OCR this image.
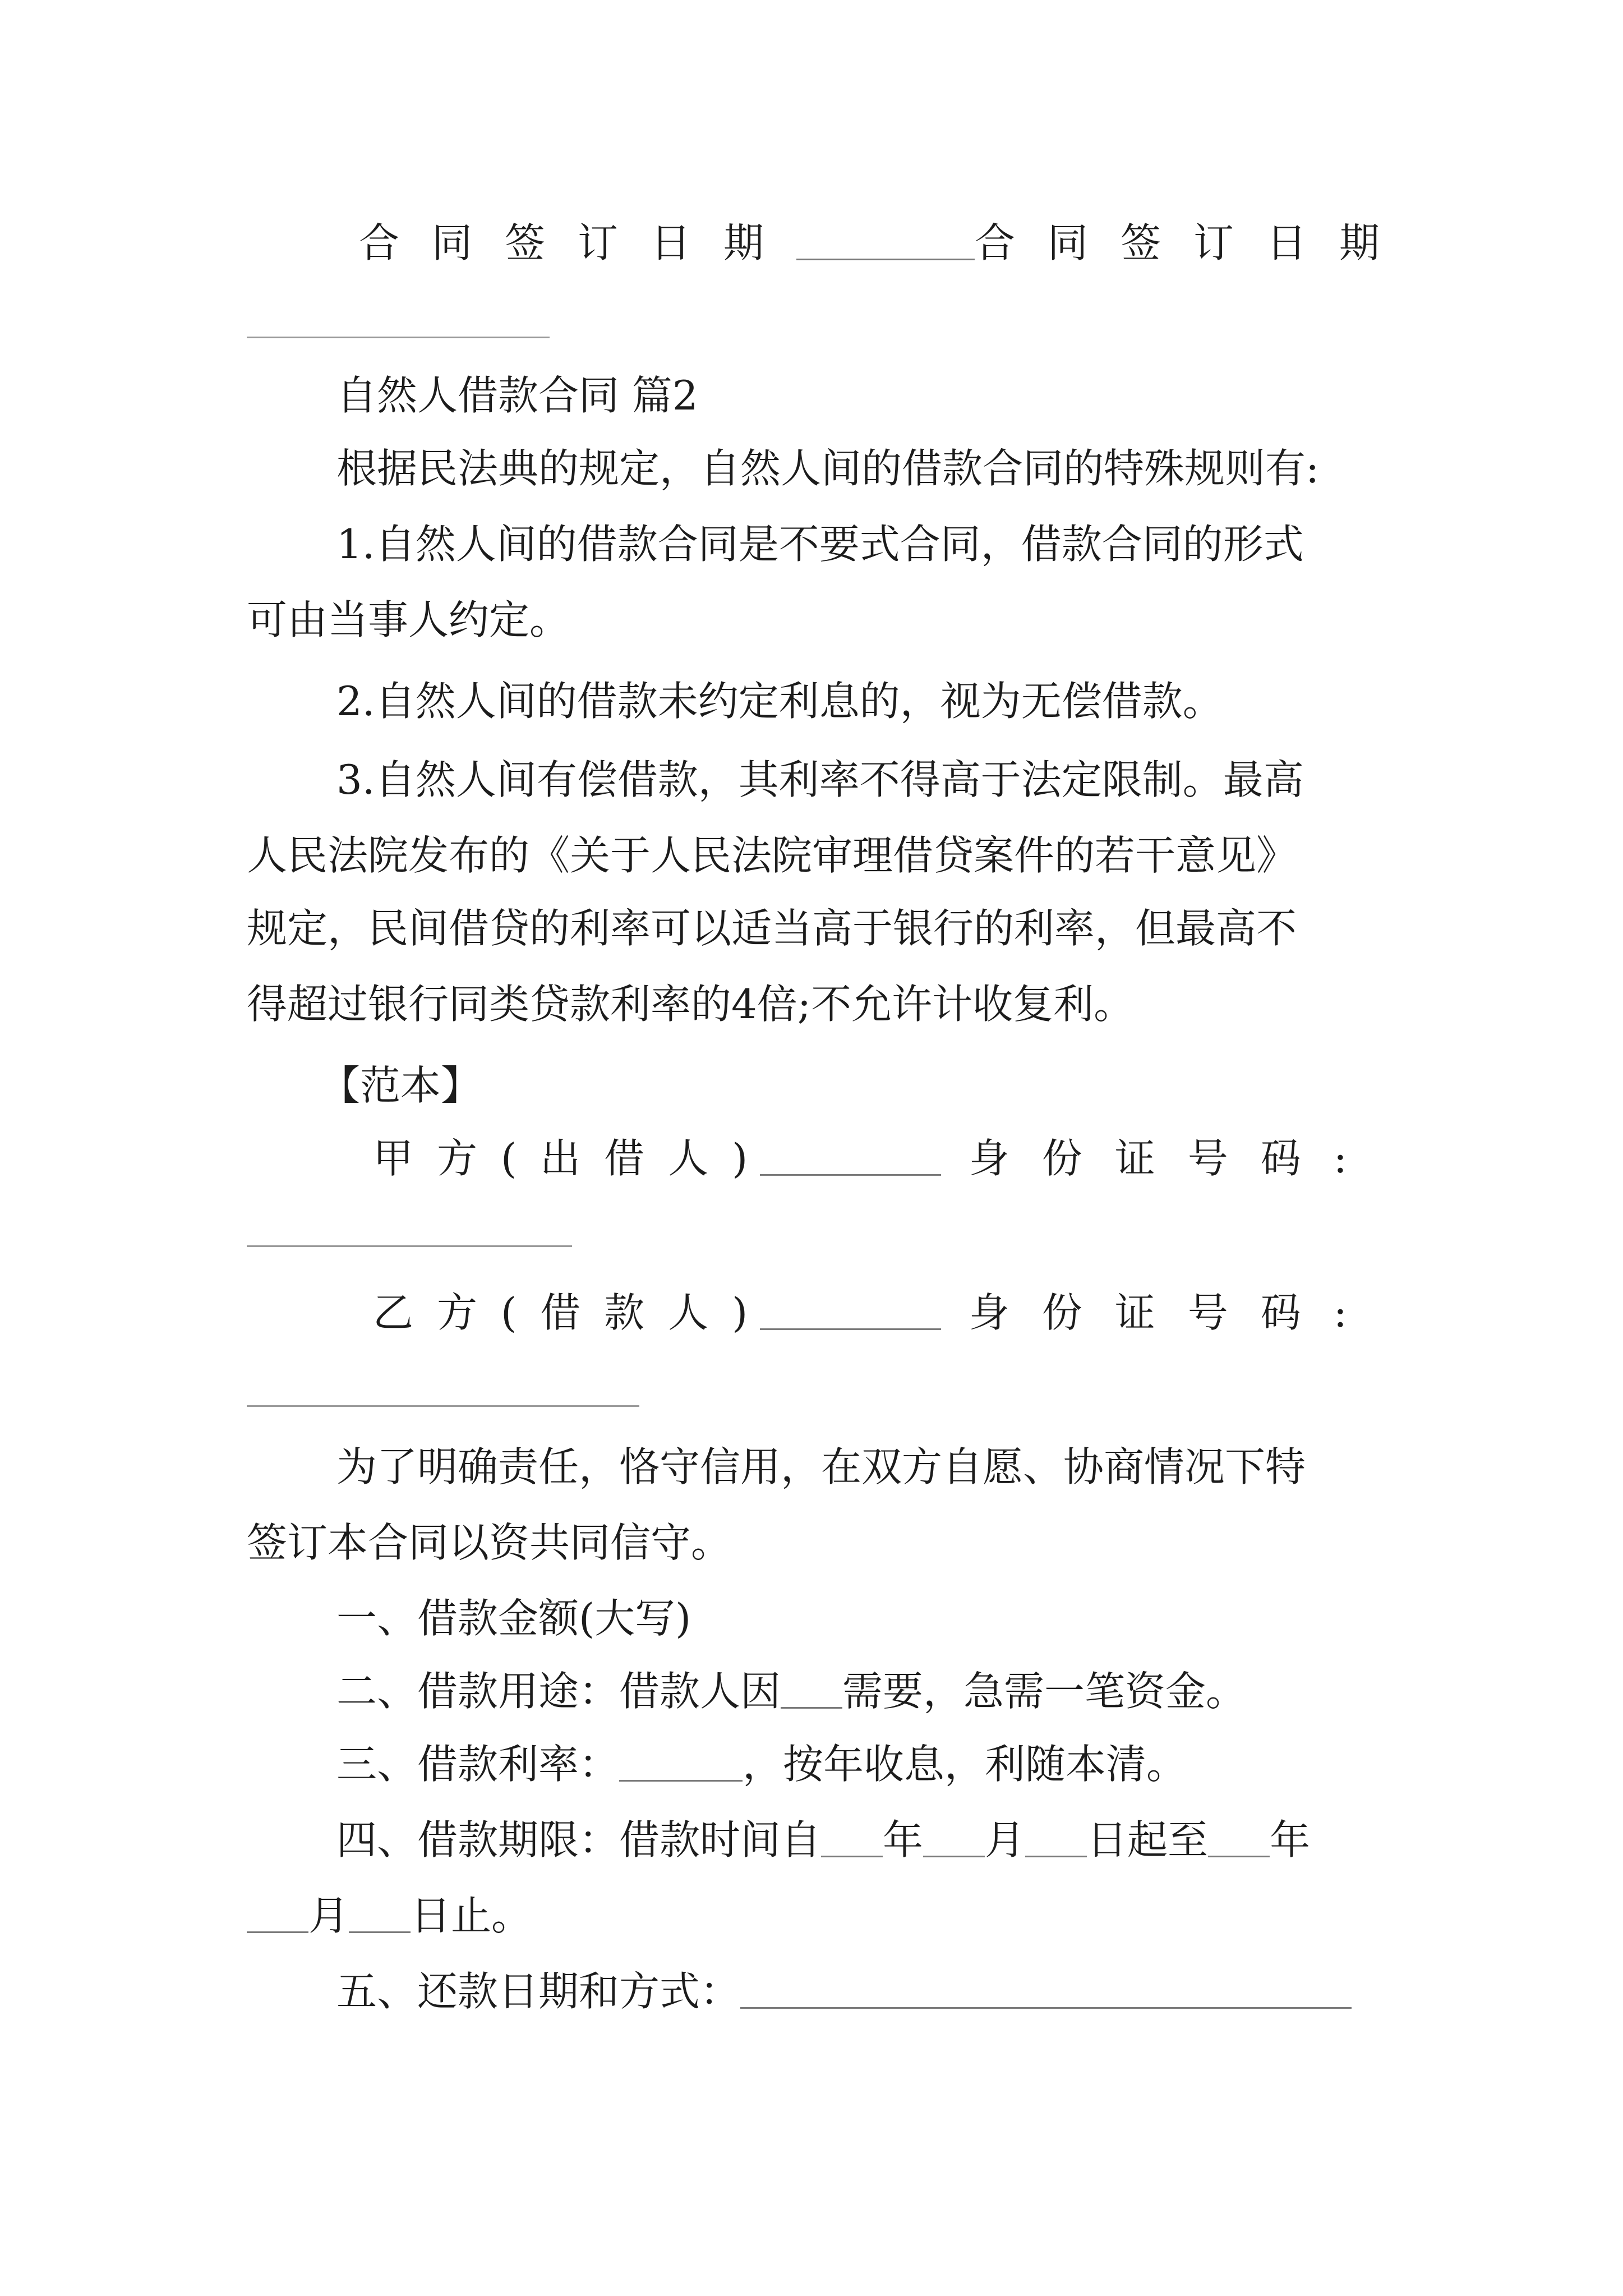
合同签订日期	合同签订日期
自然人借款合同 篇2
根据民法典的规定，自然人间的借款合同的特殊规则有:
1.自然人间的借款合同是不要式合同，借款合同的形式
可由当事人约定。
2.自然人间的借款未约定利息的，视为无偿借款。
3.自然人间有偿借款，其利率不得高于法定限制。最高
人民法院发布的《关于人民法院审理借贷案件的若干意见》
规定，民间借贷的利率可以适当高于银行的利率，但最高不
得超过银行同类贷款利率的4倍;不允许计收复利。
【范本】
甲方(出借人)	身份证号码:
乙方(借款人)	身份证号码:
为了明确责任，恪守信用，在双方自愿、协商情况下特
签订本合同以资共同信守。
一、借款金额(大写)
二、借款用途：借款人因 需要，急需一笔资金。
三、借款利率：	，按年收息，利随本清。
四、借款期限：借款时间自 年 月 日起至 年
月 日止。
五、还款日期和方式：
